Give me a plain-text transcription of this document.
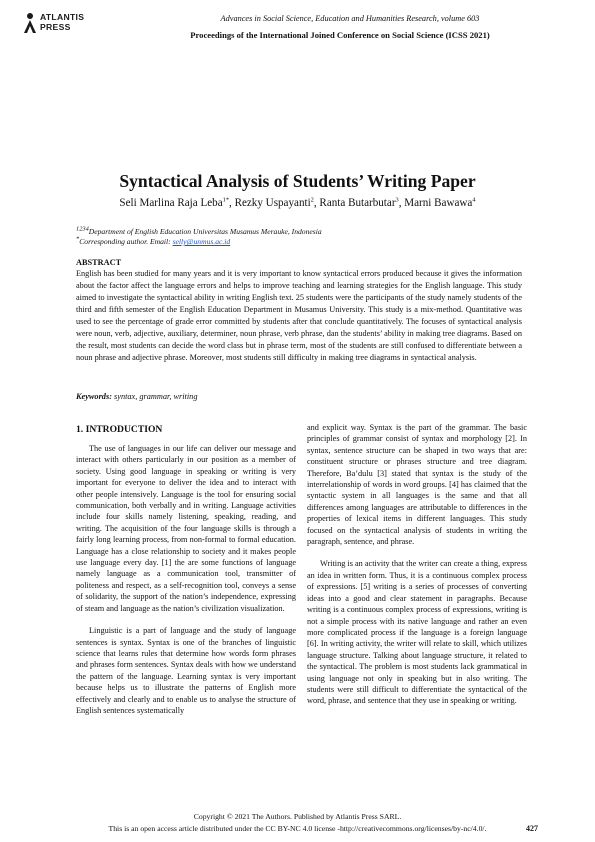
ATLANTIS
PRESS
Advances in Social Science, Education and Humanities Research, volume 603
Proceedings of the International Joined Conference on Social Science (ICSS 2021)
Syntactical Analysis of Students’ Writing Paper
Seli Marlina Raja Leba$^{1*}$, Rezky Uspayanti$^2$, Ranta Butarbutar$^3$, Marni Bawawa$^4$
$^{1234}$Department of English Education Universitas Musamus Merauke, Indonesia
*Corresponding author. Email: selly@unmus.ac.id
ABSTRACT
English has been studied for many years and it is very important to know syntactical errors produced because it gives the information about the factor affect the language errors and helps to improve teaching and learning strategies for the English language. This study aimed to investigate the syntactical ability in writing English text. 25 students were the participants of the study namely students of the third and fifth semester of the English Education Department in Musamus University. This study is a mix-method. Quantitative was used to see the percentage of grade error committed by students after that conclude quantitatively. The focuses of syntactical analysis were noun, verb, adjective, auxiliary, determiner, noun phrase, verb phrase, dan the students’ ability in making tree diagrams. Based on the result, most students can decide the word class but in phrase term, most of the students are still confused to differentiate between a noun phrase and adjective phrase. Moreover, most students still difficulty in making tree diagrams in syntactical analysis.
Keywords: syntax, grammar, writing
1. INTRODUCTION

The use of languages in our life can deliver our message and interact with others particularly in our position as a member of society. Using good language in speaking or writing is very important for everyone to deliver the idea and to interact with other people intensively. Language is the tool for ensuring social communication, both verbally and in writing. Language activities include four skills namely listening, speaking, reading, and writing. The acquisition of the four language skills is through a fairly long learning process, from non-formal to formal education. Language has a close relationship to society and it makes people use language every day. [1] the are some functions of language namely language as a communication tool, transmitter of politeness and respect, as a self-recognition tool, conveys a sense of solidarity, the support of the nation’s independence, expressing of steam and language as the nation’s civilization visualization.

Linguistic is a part of language and the study of language sentences is syntax. Syntax is one of the branches of linguistic science that learns rules that determine how words form phrases and phrases form sentences. Syntax deals with how we understand the pattern of the language. Learning syntax is very important because helps us to illustrate the patterns of English more effectively and clearly and to enable us to analyse the structure of English sentences systematically

and explicit way. Syntax is the part of the grammar. The basic principles of grammar consist of syntax and morphology [2]. In syntax, sentence structure can be shaped in two ways that are: constituent structure or phrases structure and tree diagram. Therefore, Ba’dulu [3] stated that syntax is the study of the interrelationship of words in word groups. [4] has claimed that the syntactic system in all languages is the same and that all differences among languages are attributable to differences in the properties of lexical items in different languages. This study focused on the syntactical analysis of students in writing the paragraph, sentence, and phrase.

Writing is an activity that the writer can create a thing, express an idea in written form. Thus, it is a continuous complex process of expressions. [5] writing is a series of processes of converting ideas into a good and clear statement in paragraphs. Because writing is a continuous complex process of expressions, writing is not a simple process with its native language and rather an even more complicated process if the language is a foreign language [6]. In writing activity, the writer will relate to skill, which utilizes language structure. Talking about language structure, it related to the syntactical. The problem is most students lack grammatical in using language not only in speaking but in also writing. The students were still difficult to differentiate the syntactical of the word, phrase, and sentence that they use in speaking or writing.

Copyright © 2021 The Authors. Published by Atlantis Press SARL.
This is an open access article distributed under the CC BY-NC 4.0 license -http://creativecommons.org/licenses/by-nc/4.0/.	427
